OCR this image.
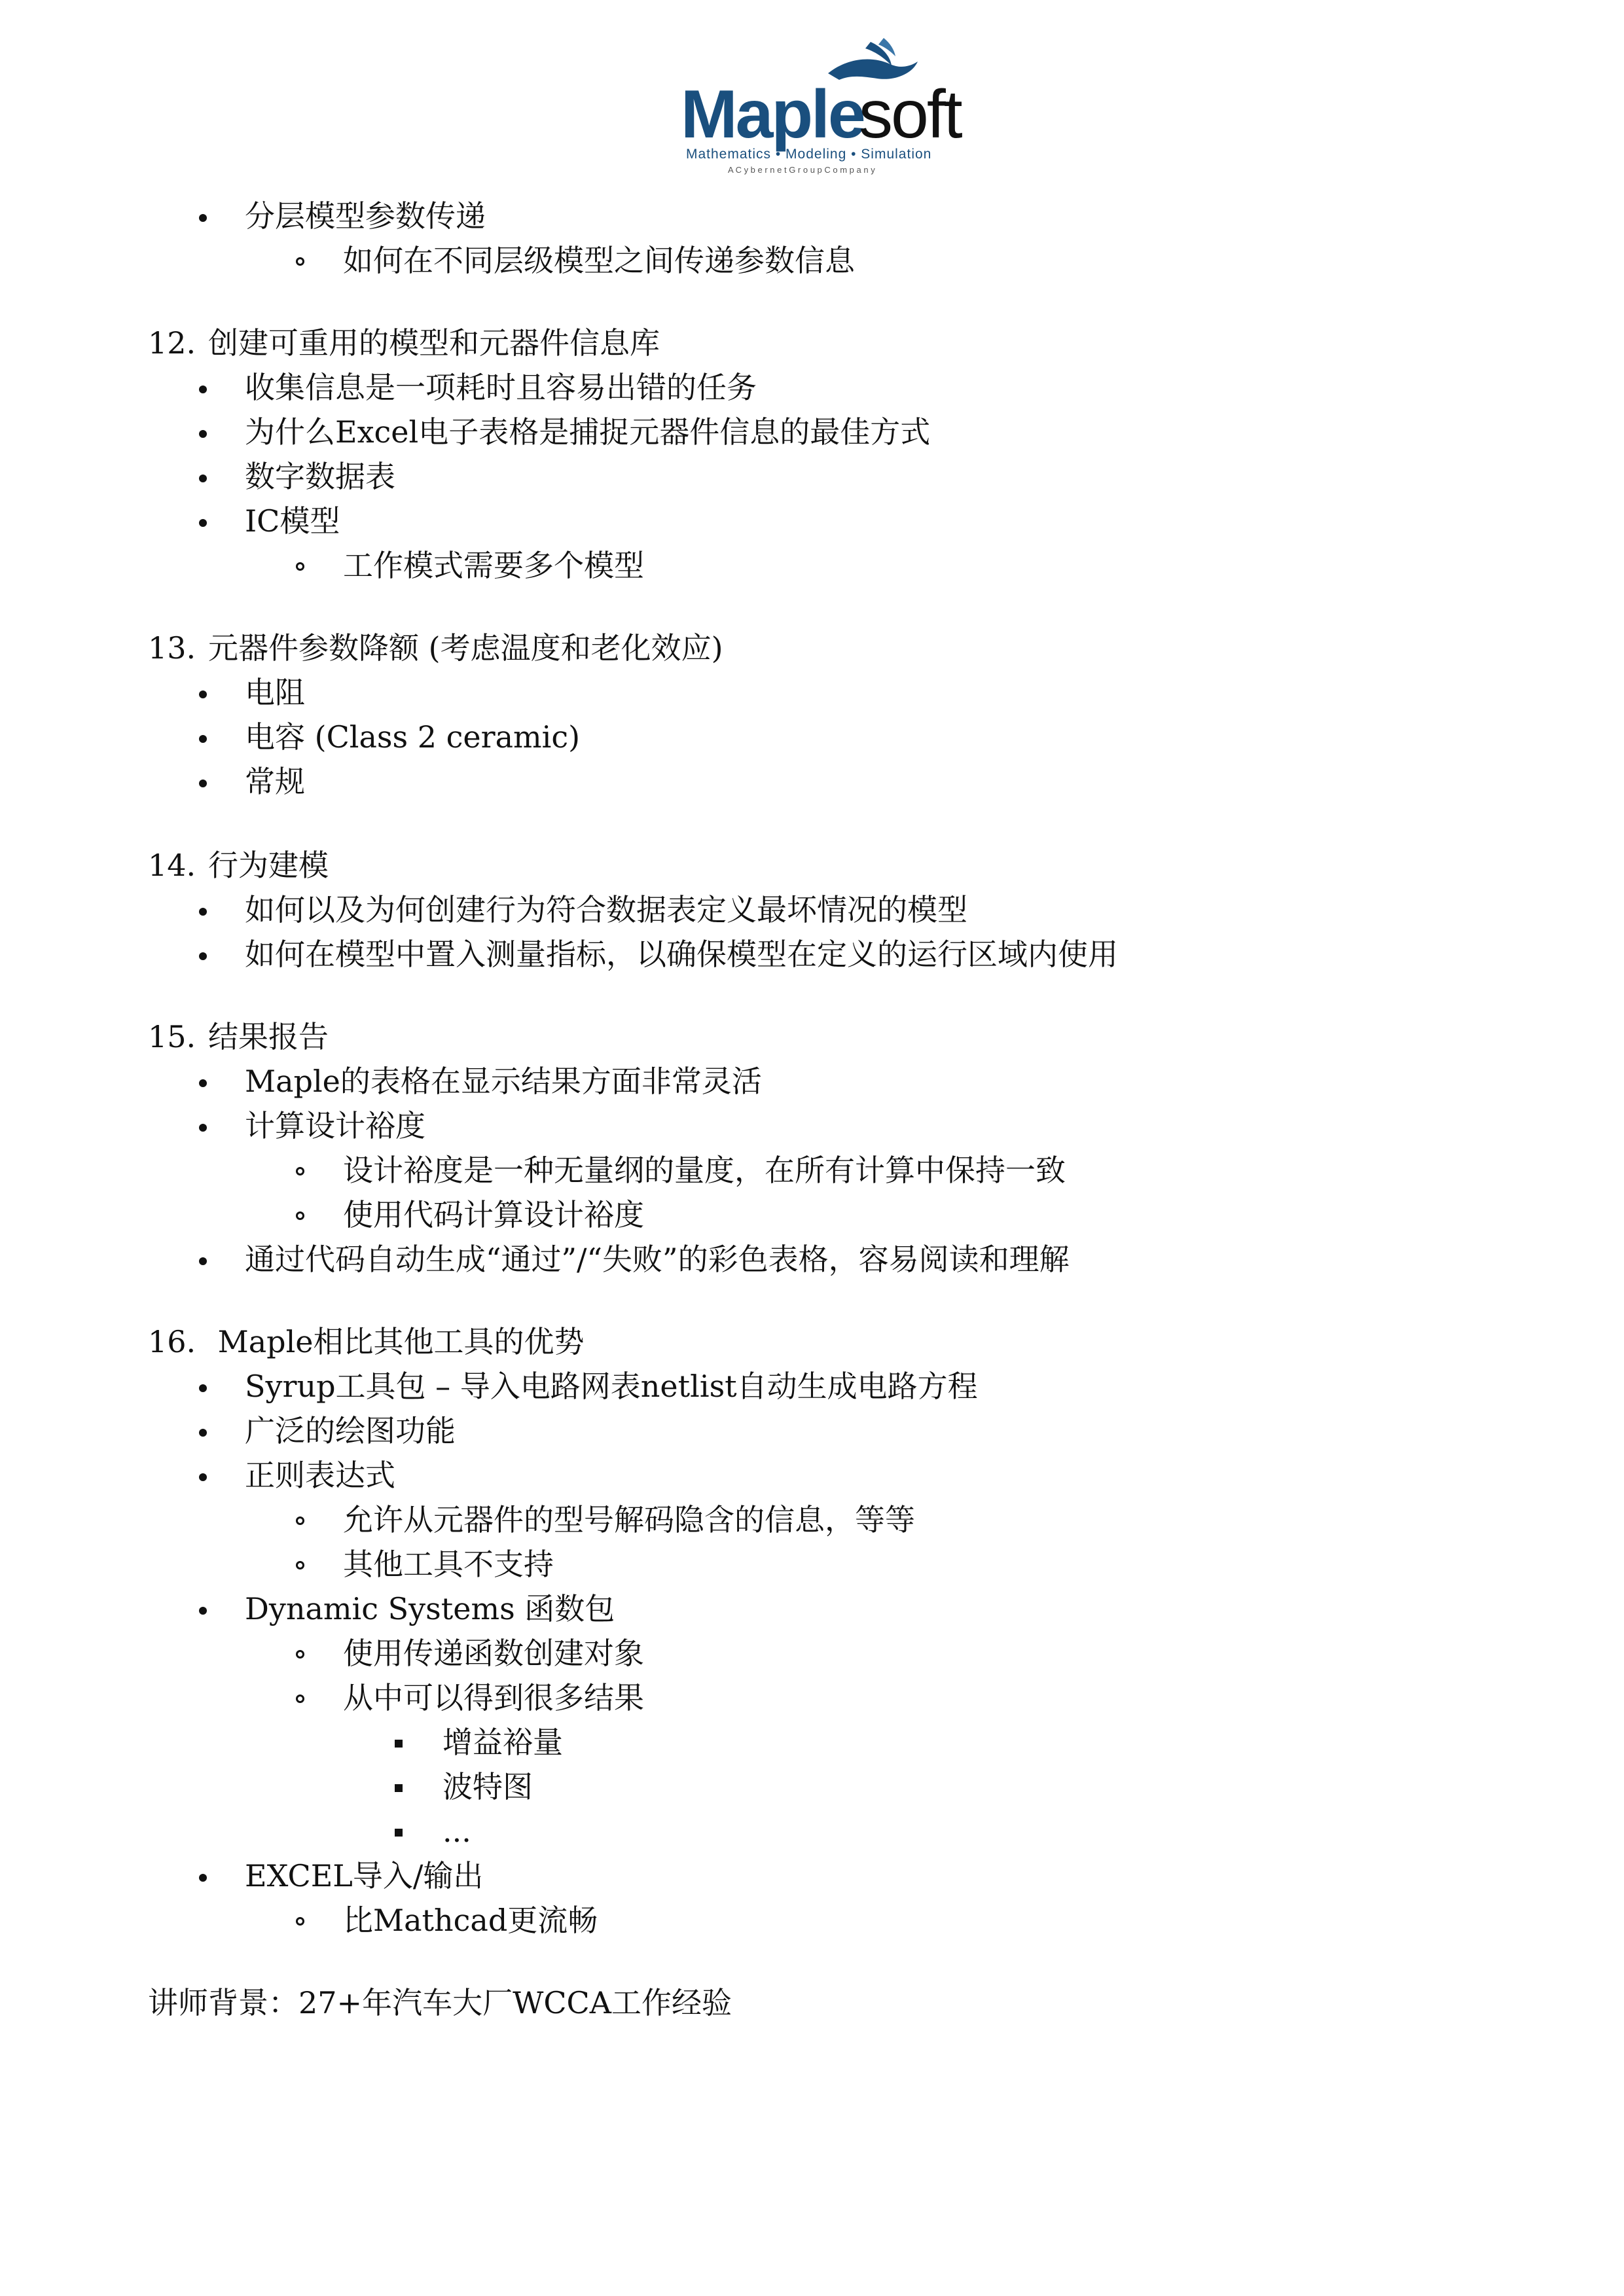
Maple
soft
Mathematics • Modeling • Simulation
A C y b e r n e t G r o u p C o m p a n y
分层模型参数传递
如何在不同层级模型之间传递参数信息
12. 创建可重用的模型和元器件信息库
收集信息是一项耗时且容易出错的任务
为什么Excel电子表格是捕捉元器件信息的最佳方式
数字数据表
IC模型
工作模式需要多个模型
13. 元器件参数降额 (考虑温度和老化效应)
电阻
电容 (Class 2 ceramic)
常规
14. 行为建模
如何以及为何创建行为符合数据表定义最坏情况的模型
如何在模型中置入测量指标，以确保模型在定义的运行区域内使用
15. 结果报告
Maple的表格在显示结果方面非常灵活
计算设计裕度
设计裕度是一种无量纲的量度，在所有计算中保持一致
使用代码计算设计裕度
通过代码自动生成“通过”/“失败”的彩色表格，容易阅读和理解
16. Maple相比其他工具的优势
Syrup工具包 – 导入电路网表netlist自动生成电路方程
广泛的绘图功能
正则表达式
允许从元器件的型号解码隐含的信息，等等
其他工具不支持
Dynamic Systems 函数包
使用传递函数创建对象
从中可以得到很多结果
增益裕量
波特图
...
EXCEL导入/输出
比Mathcad更流畅
讲师背景：27+年汽车大厂WCCA工作经验
